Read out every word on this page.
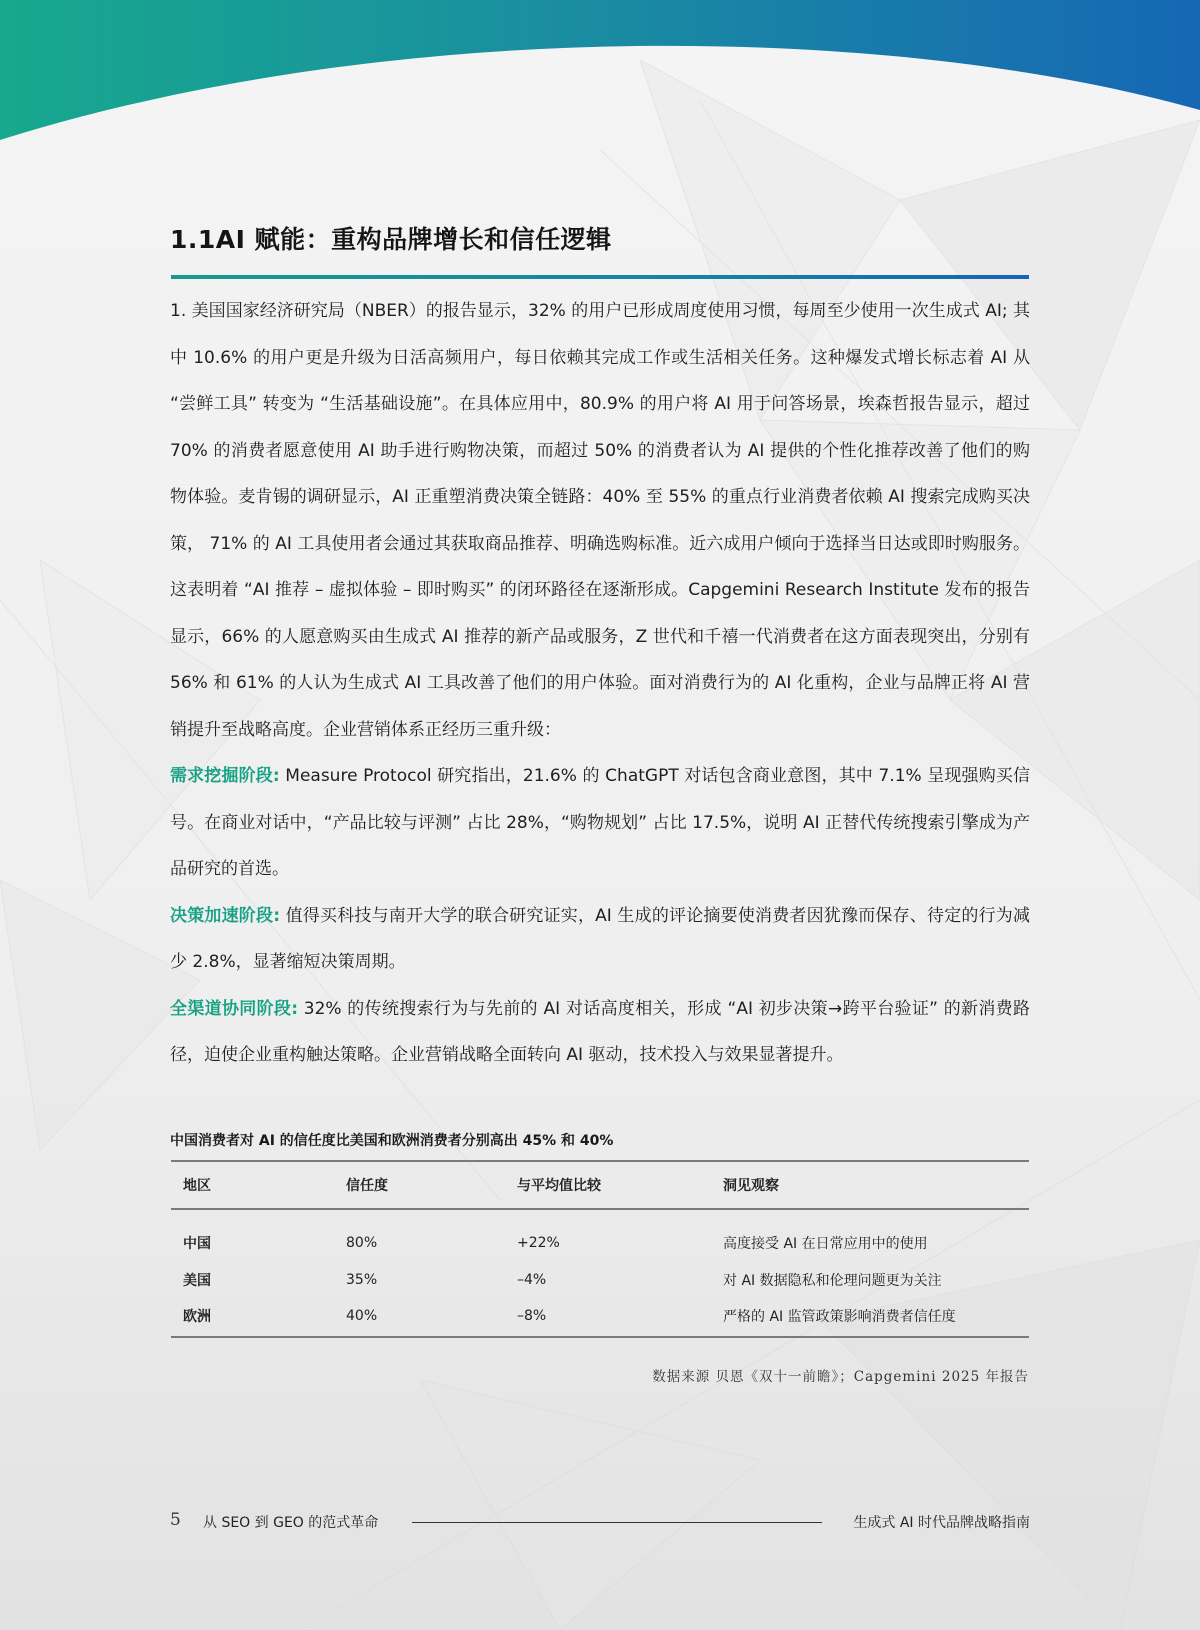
1.1AI 赋能：重构品牌增长和信任逻辑

1. 美国国家经济研究局（NBER）的报告显示，32% 的用户已形成周度使用习惯，每周至少使用一次生成式 AI; 其中 10.6% 的用户更是升级为日活高频用户，每日依赖其完成工作或生活相关任务。这种爆发式增长标志着 AI 从 “尝鲜工具” 转变为 “生活基础设施”。在具体应用中，80.9% 的用户将 AI 用于问答场景，埃森哲报告显示，超过 70% 的消费者愿意使用 AI 助手进行购物决策，而超过 50% 的消费者认为 AI 提供的个性化推荐改善了他们的购物体验。麦肯锡的调研显示，AI 正重塑消费决策全链路：40% 至 55% 的重点行业消费者依赖 AI 搜索完成购买决策， 71% 的 AI 工具使用者会通过其获取商品推荐、明确选购标准。近六成用户倾向于选择当日达或即时购服务。 这表明着 “AI 推荐 – 虚拟体验 – 即时购买” 的闭环路径在逐渐形成。Capgemini Research Institute 发布的报告显示，66% 的人愿意购买由生成式 AI 推荐的新产品或服务，Z 世代和千禧一代消费者在这方面表现突出，分别有 56% 和 61% 的人认为生成式 AI 工具改善了他们的用户体验。面对消费行为的 AI 化重构，企业与品牌正将 AI 营销提升至战略高度。企业营销体系正经历三重升级：

需求挖掘阶段: Measure Protocol 研究指出，21.6% 的 ChatGPT 对话包含商业意图，其中 7.1% 呈现强购买信号。在商业对话中，“产品比较与评测” 占比 28%，“购物规划” 占比 17.5%，说明 AI 正替代传统搜索引擎成为产品研究的首选。

决策加速阶段: 值得买科技与南开大学的联合研究证实，AI 生成的评论摘要使消费者因犹豫而保存、待定的行为减少 2.8%，显著缩短决策周期。

全渠道协同阶段: 32% 的传统搜索行为与先前的 AI 对话高度相关，形成 “AI 初步决策→跨平台验证” 的新消费路径，迫使企业重构触达策略。企业营销战略全面转向 AI 驱动，技术投入与效果显著提升。

中国消费者对 AI 的信任度比美国和欧洲消费者分别高出 45% 和 40%
地区	信任度	与平均值比较	洞见观察
中国	80%	+22%	高度接受 AI 在日常应用中的使用
美国	35%	–4%	对 AI 数据隐私和伦理问题更为关注
欧洲	40%	–8%	严格的 AI 监管政策影响消费者信任度
数据来源 贝恩《双十一前瞻》；Capgemini 2025 年报告
5 从 SEO 到 GEO 的范式革命	生成式 AI 时代品牌战略指南
